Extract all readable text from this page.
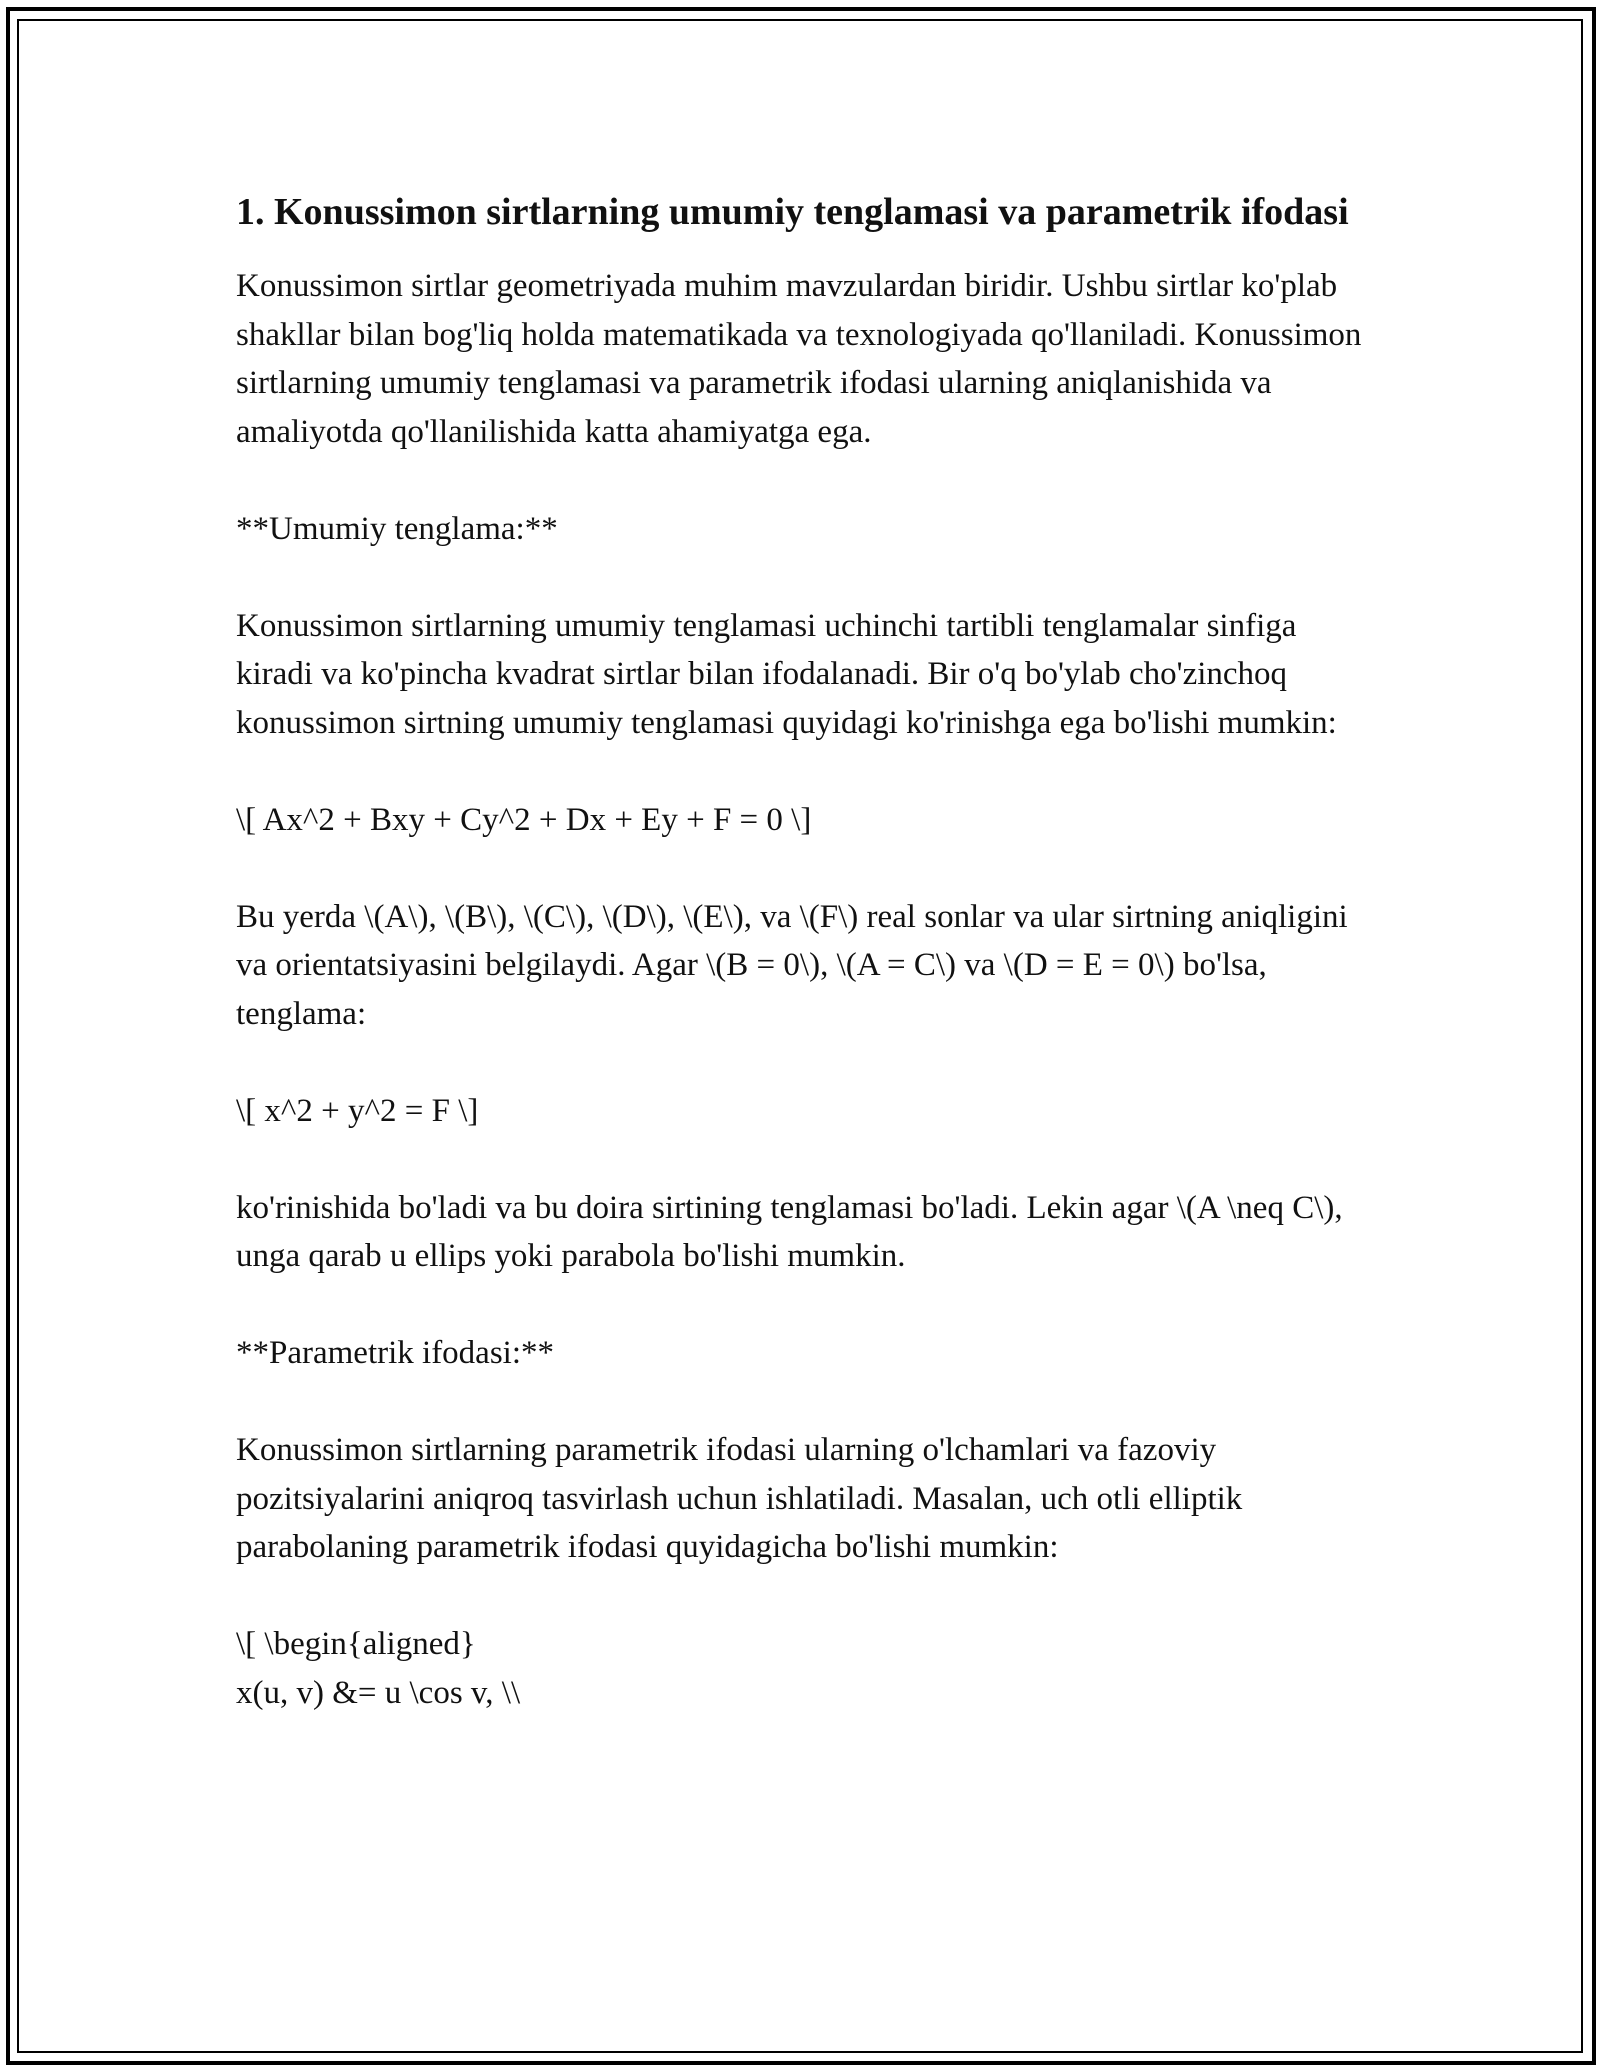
1. Konussimon sirtlarning umumiy tenglamasi va parametrik ifodasi

Konussimon sirtlar geometriyada muhim mavzulardan biridir. Ushbu sirtlar ko'plab shakllar bilan bog'liq holda matematikada va texnologiyada qo'llaniladi. Konussimon sirtlarning umumiy tenglamasi va parametrik ifodasi ularning aniqlanishida va amaliyotda qo'llanilishida katta ahamiyatga ega.

**Umumiy tenglama:**

Konussimon sirtlarning umumiy tenglamasi uchinchi tartibli tenglamalar sinfiga kiradi va ko'pincha kvadrat sirtlar bilan ifodalanadi. Bir o'q bo'ylab cho'zinchoq konussimon sirtning umumiy tenglamasi quyidagi ko'rinishga ega bo'lishi mumkin:

\[ Ax^2 + Bxy + Cy^2 + Dx + Ey + F = 0 \]

Bu yerda \(A\), \(B\), \(C\), \(D\), \(E\), va \(F\) real sonlar va ular sirtning aniqligini va orientatsiyasini belgilaydi. Agar \(B = 0\), \(A = C\) va \(D = E = 0\) bo'lsa, tenglama:

\[ x^2 + y^2 = F \]

ko'rinishida bo'ladi va bu doira sirtining tenglamasi bo'ladi. Lekin agar \(A \neq C\), unga qarab u ellips yoki parabola bo'lishi mumkin.

**Parametrik ifodasi:**

Konussimon sirtlarning parametrik ifodasi ularning o'lchamlari va fazoviy pozitsiyalarini aniqroq tasvirlash uchun ishlatiladi. Masalan, uch otli elliptik parabolaning parametrik ifodasi quyidagicha bo'lishi mumkin:

\[ \begin{aligned}
x(u, v) &= u \cos v, \\
